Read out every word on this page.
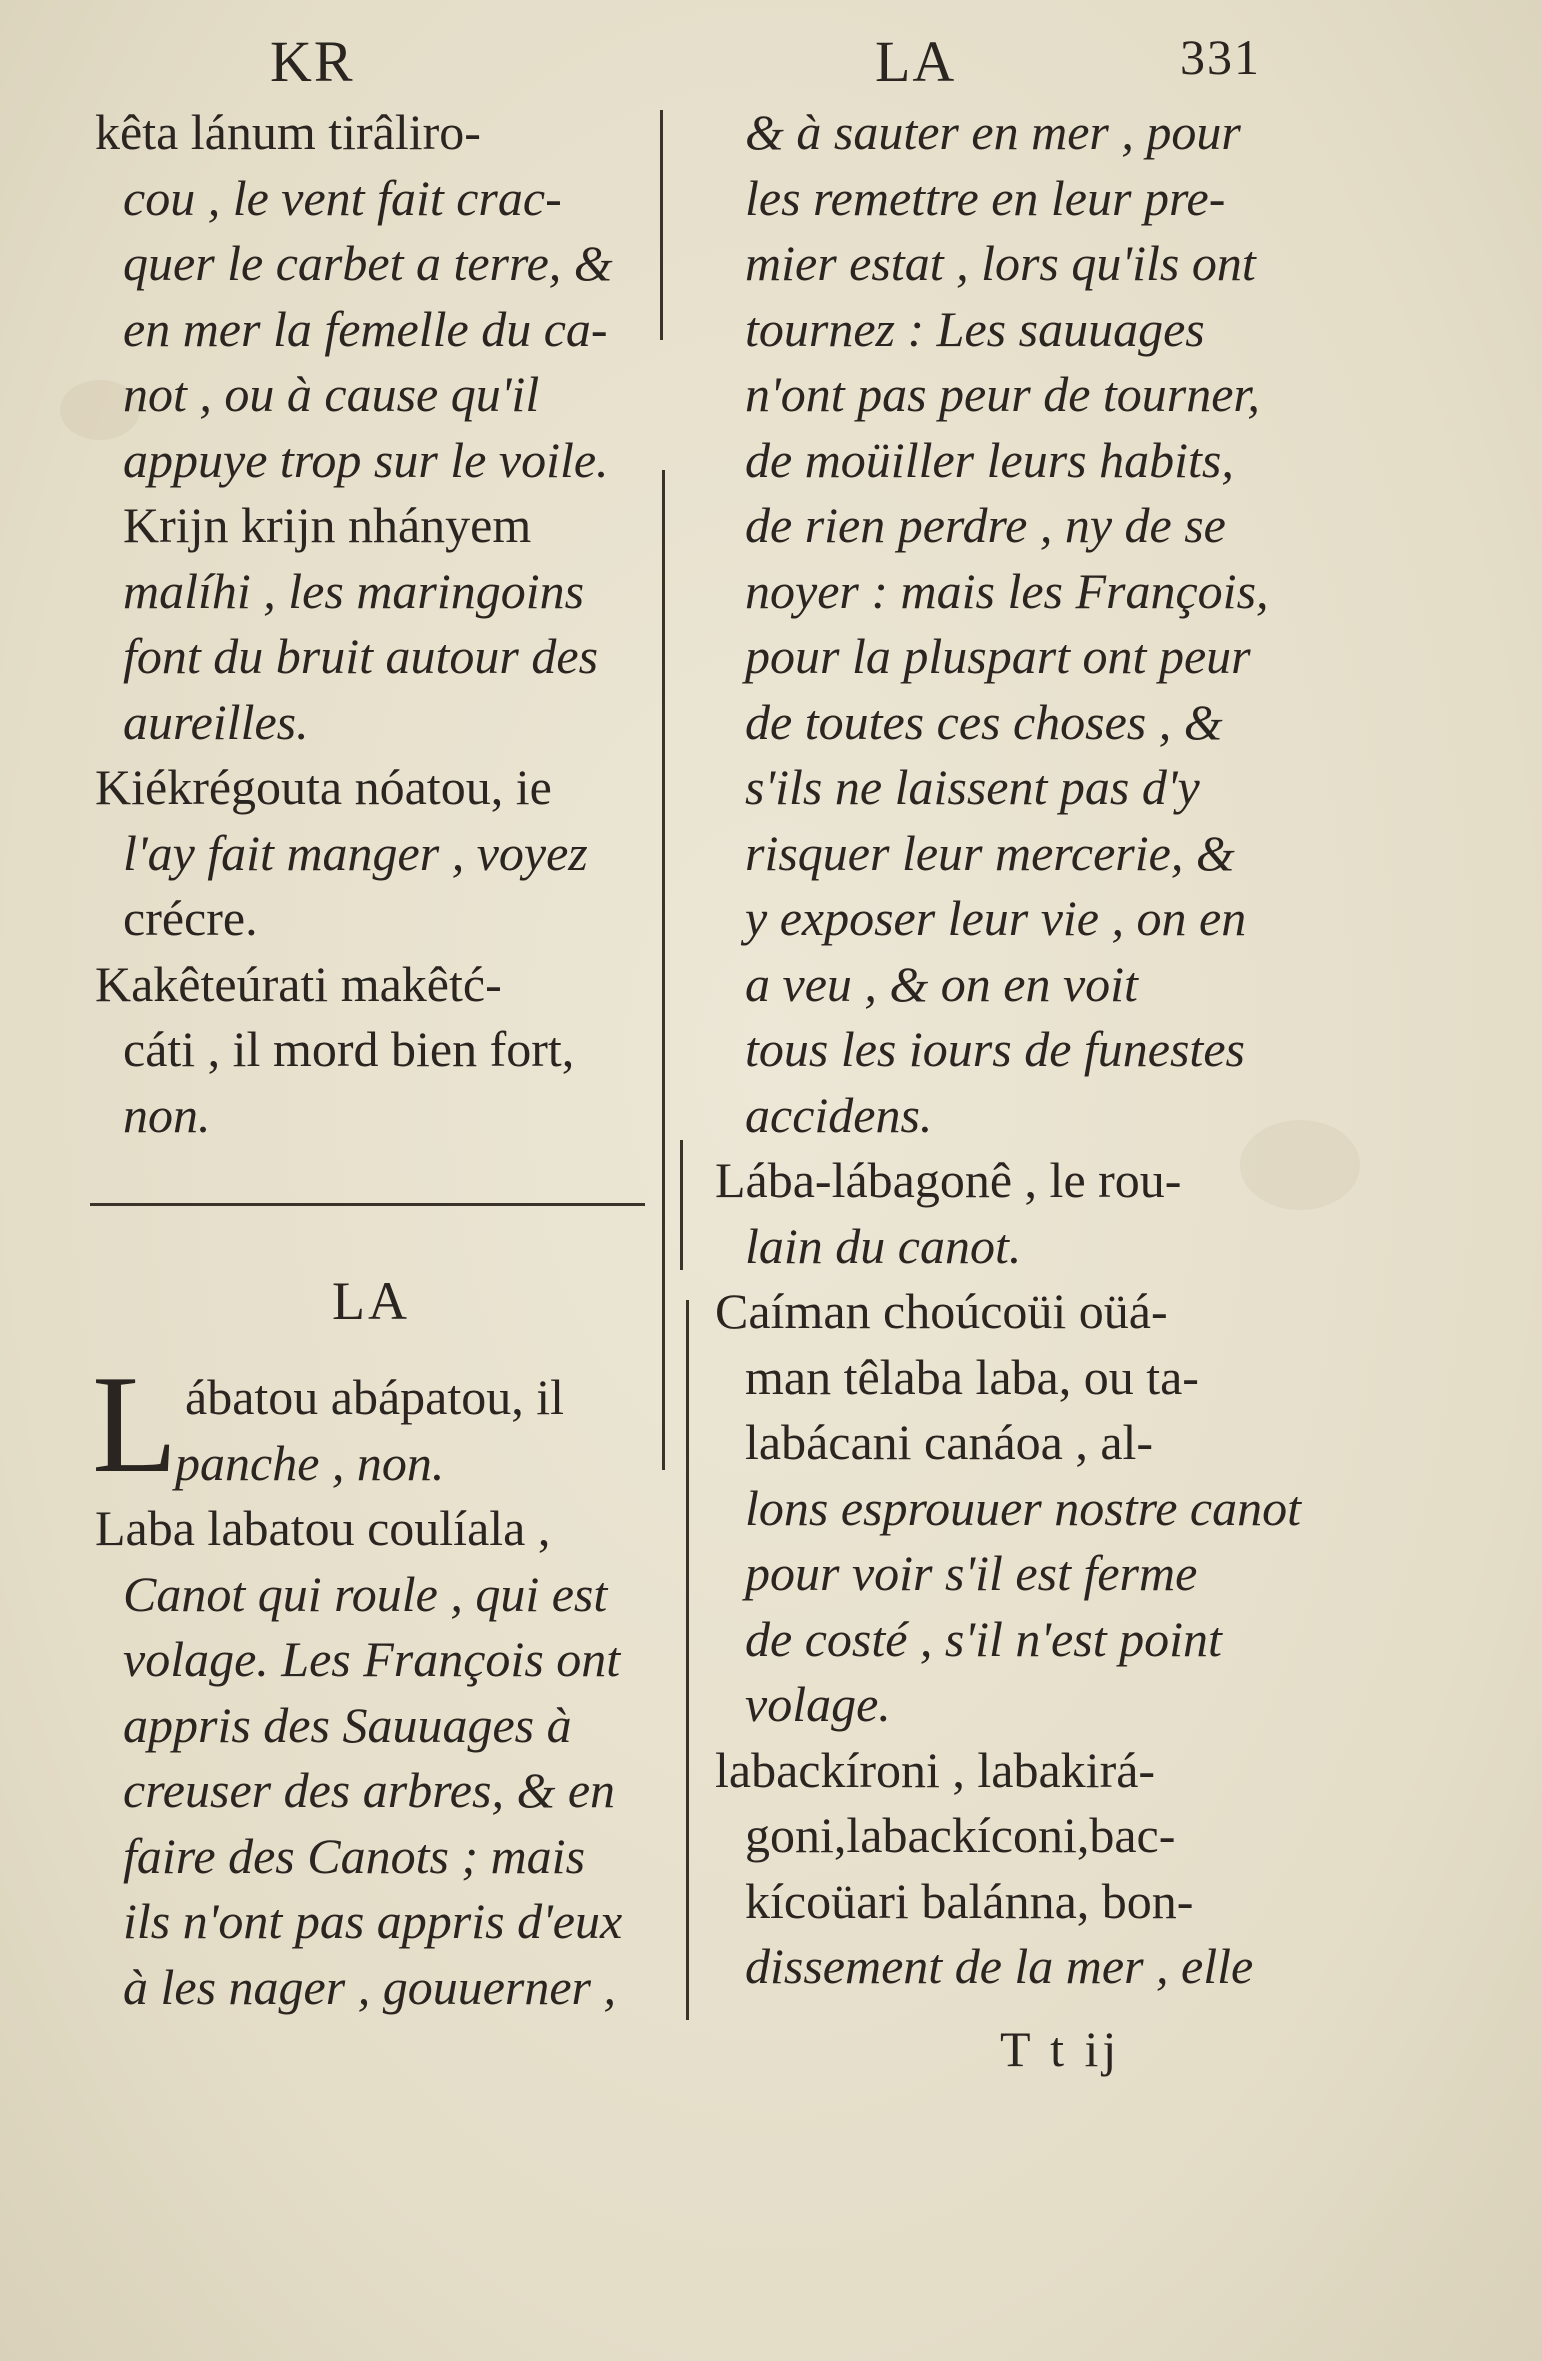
KR	LA	331
kêta lánum tirâliro-
cou , le vent fait crac-
quer le carbet a terre, &
en mer la femelle du ca-
not , ou à cause qu'il
appuye trop sur le voile.
Krijn krijn nhányem
malíhi , les maringoins
font du bruit autour des
aureilles.
Kiékrégouta nóatou, ie
l'ay fait manger , voyez
crécre.
Kakêteúrati makêtć-
cáti , il mord bien fort,
non.
LA
L ábatou abápatou, il
panche , non.
Laba labatou coulíala ,
Canot qui roule , qui est
volage. Les François ont
appris des Sauuages à
creuser des arbres, & en
faire des Canots ; mais
ils n'ont pas appris d'eux
à les nager , gouuerner ,
& à sauter en mer , pour
les remettre en leur pre-
mier estat , lors qu'ils ont
tournez : Les sauuages
n'ont pas peur de tourner,
de moüiller leurs habits,
de rien perdre , ny de se
noyer : mais les François,
pour la pluspart ont peur
de toutes ces choses , &
s'ils ne laissent pas d'y
risquer leur mercerie, &
y exposer leur vie , on en
a veu , & on en voit
tous les iours de funestes
accidens.
Lába-lábagonê , le rou-
lain du canot.
Caíman choúcoüi oüá-
man têlaba laba, ou ta-
labácani canáoa , al-
lons esprouuer nostre canot
pour voir s'il est ferme
de costé , s'il n'est point
volage.
labackíroni , labakirá-
goni,labackíconi,bac-
kícoüari balánna, bon-
dissement de la mer , elle
T t ij
